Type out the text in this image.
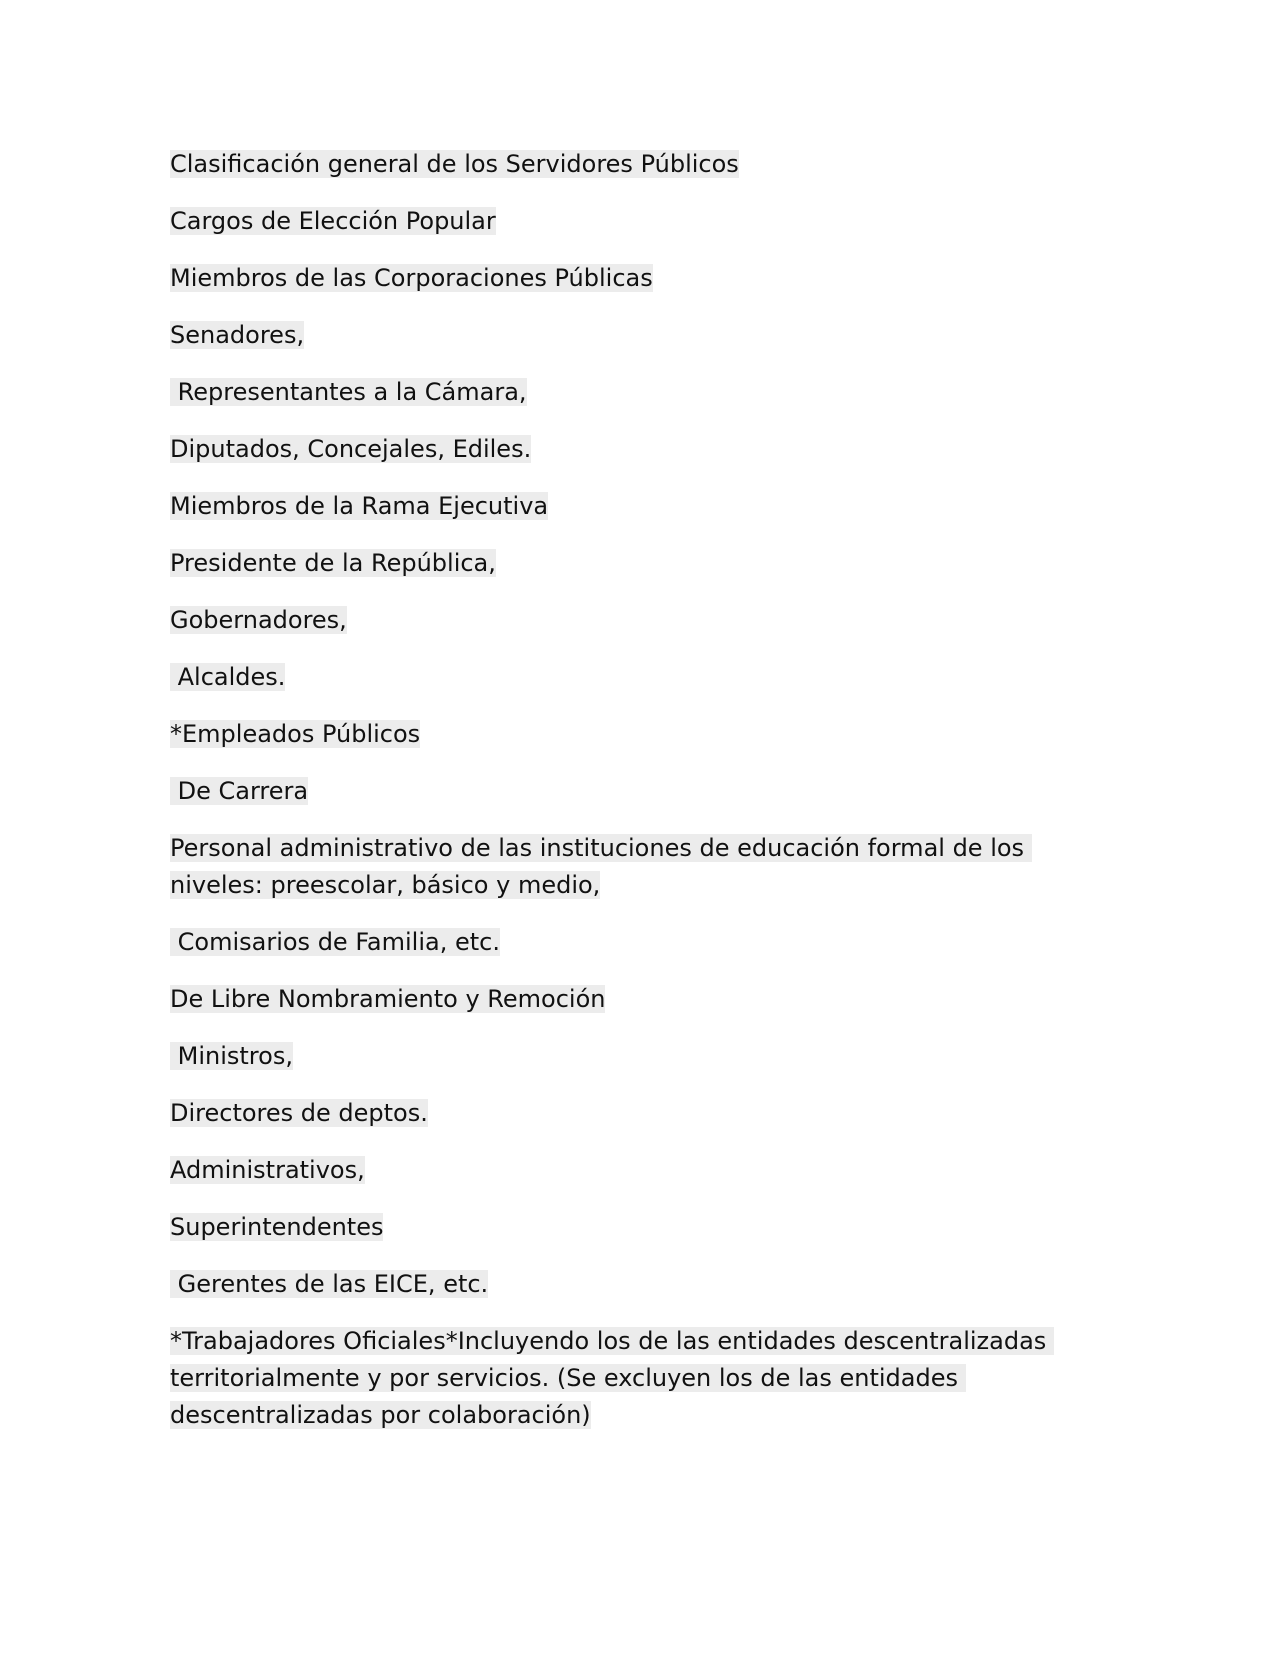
Clasificación general de los Servidores Públicos

Cargos de Elección Popular

Miembros de las Corporaciones Públicas

Senadores,

Representantes a la Cámara,

Diputados, Concejales, Ediles.

Miembros de la Rama Ejecutiva

Presidente de la República,

Gobernadores,

Alcaldes.

*Empleados Públicos

De Carrera

Personal administrativo de las instituciones de educación formal de los niveles: preescolar, básico y medio,

Comisarios de Familia, etc.

De Libre Nombramiento y Remoción

Ministros,

Directores de deptos.

Administrativos,

Superintendentes

Gerentes de las EICE, etc.

*Trabajadores Oficiales*Incluyendo los de las entidades descentralizadas territorialmente y por servicios. (Se excluyen los de las entidades descentralizadas por colaboración)
